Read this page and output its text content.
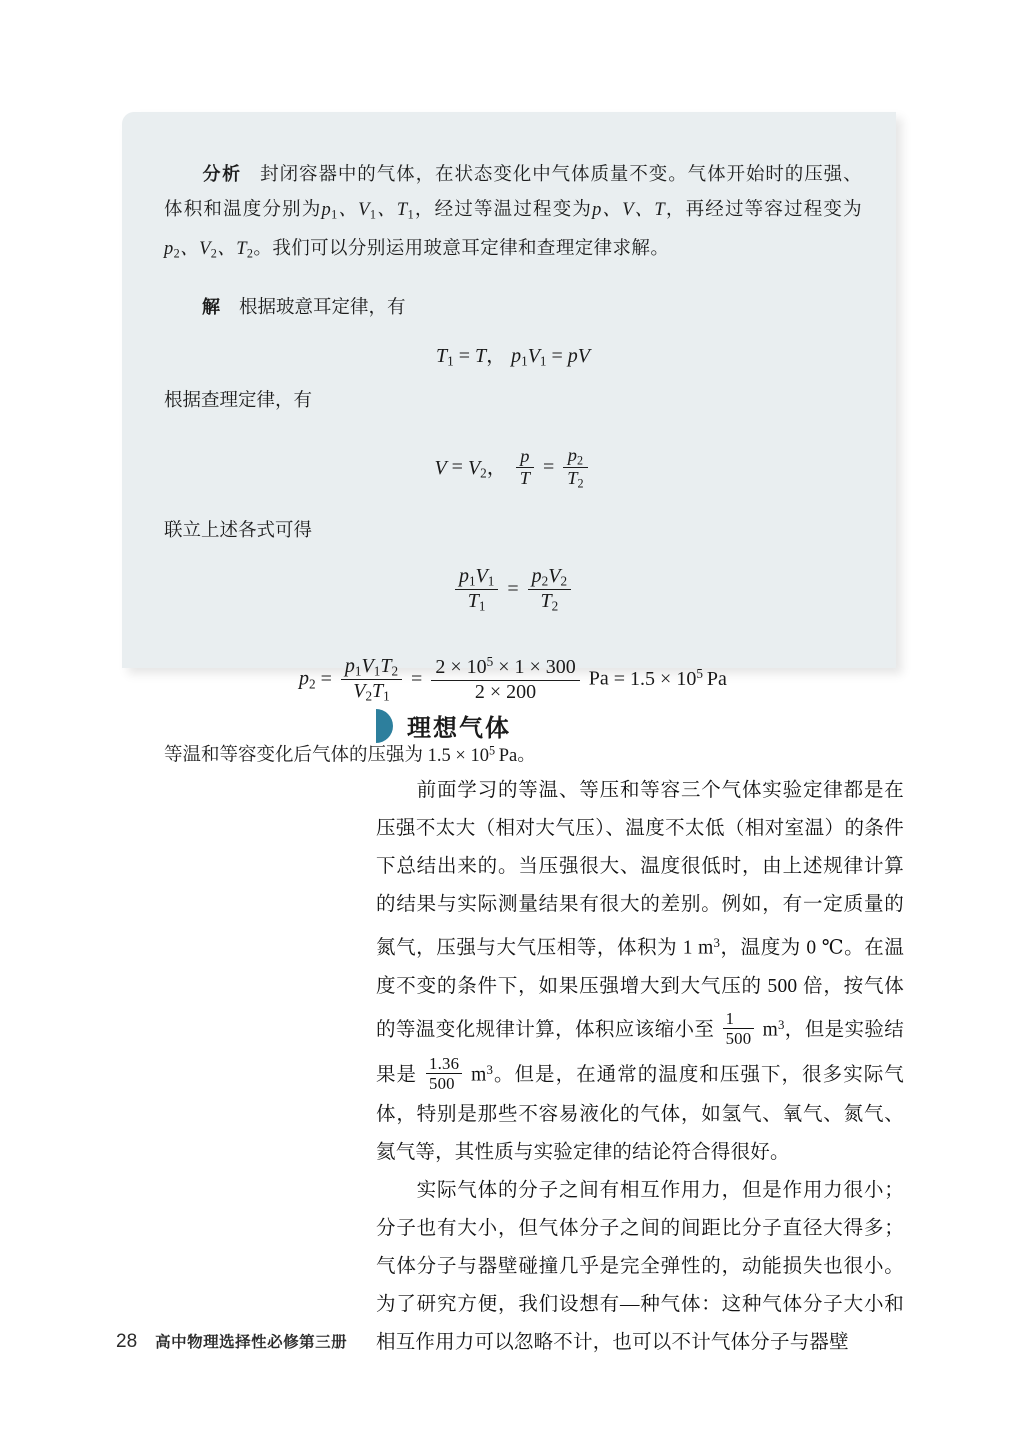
分析 封闭容器中的气体，在状态变化中气体质量不变。气体开始时的压强、体积和温度分别为$p_1$、$V_1$、$T_1$，经过等温过程变为p、V、T，再经过等容过程变为$p_2$、$V_2$、$T_2$。我们可以分别运用玻意耳定律和查理定律求解。

解 根据玻意耳定律，有

$T_1 = T$， $p_1V_1$ = pV

根据查理定律，有

$V = V_2$， $\frac{p}{T} = \frac{p_2}{T_2}$

联立上述各式可得

$\frac{p_1V_1}{T_1} = \frac{p_2V_2}{T_2}$
$p_2 = \frac{p_1V_1T_2}{V_2T_1} = \frac{2 \times 10^5 \times 1 \times 300}{2 \times 200}$ $Pa = 1.5 \times 10^5$ Pa

等温和等容变化后气体的压强为 $1.5 \times 10^5$ Pa。

理想气体

前面学习的等温、等压和等容三个气体实验定律都是在压强不太大（相对大气压）、温度不太低（相对室温）的条件下总结出来的。当压强很大、温度很低时，由上述规律计算的结果与实际测量结果有很大的差别。例如，有一定质量的氮气，压强与大气压相等，体积为 1 $m^3$，温度为 0 ℃。在温度不变的条件下，如果压强增大到大气压的 500 倍，按气体的等温变化规律计算，体积应该缩小至 $\frac{1}{500} m^3$，但是实验结果是 $\frac{1.36}{500} m^3$。但是，在通常的温度和压强下，很多实际气体，特别是那些不容易液化的气体，如氢气、氧气、氮气、氦气等，其性质与实验定律的结论符合得很好。

实际气体的分子之间有相互作用力，但是作用力很小；分子也有大小，但气体分子之间的间距比分子直径大得多；气体分子与器壁碰撞几乎是完全弹性的，动能损失也很小。为了研究方便，我们设想有—种气体：这种气体分子大小和相互作用力可以忽略不计，也可以不计气体分子与器壁

28 高中物理选择性必修第三册
